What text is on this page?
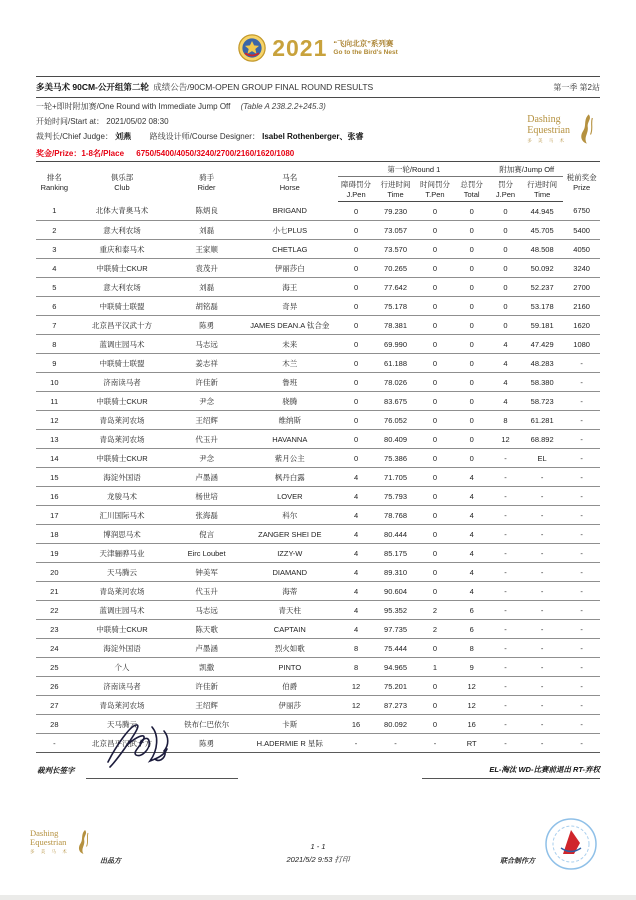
2021 “飞向北京”系列赛
Go to the Bird's Nest
多美马术 90CM-公开组第二轮 成绩公告/90CM-OPEN GROUP FINAL ROUND RESULTS	第一季 第2站
一轮+即时附加赛/One Round with Immediate Jump Off (Table A 238.2.2+245.3)
开始时间/Start at： 2021/05/02 08:30
裁判长/Chief Judge： 刘燕 路线设计师/Course Designer： Isabel Rothenberger、张睿
奖金/Prize：1-8名/Place 6750/5400/4050/3240/2700/2160/1620/1080
Dashing
Equestrian
多 美 马 术
排名
Ranking	俱乐部
Club	骑手
Rider	马名
Horse	第一轮/Round 1				附加赛/Jump Off		税前奖金
Prize

				障碍罚分	行进时间	时间罚分	总罚分	罚分	行进时间	
				J.Pen	Time	T.Pen	Total	J.Pen	Time	
1	北体大青奥马术	陈炳良	BRIGAND	0	79.230	0	0	0	44.945	6750
2	意大利农场	刘磊	小七PLUS	0	73.057	0	0	0	45.705	5400
3	重庆和泰马术	王家顺	CHETLAG	0	73.570	0	0	0	48.508	4050
4	中联骑士CKUR	袁茂升	伊丽莎白	0	70.265	0	0	0	50.092	3240
5	意大利农场	刘磊	海王	0	77.642	0	0	0	52.237	2700
6	中联骑士联盟	胡铭磊	奇异	0	75.178	0	0	0	53.178	2160
7	北京昌平汉武十方	陈勇	JAMES DEAN.A 钛合金	0	78.381	0	0	0	59.181	1620
8	蓝调庄园马术	马志远	未来	0	69.990	0	0	4	47.429	1080
9	中联骑士联盟	姜志祥	木兰	0	61.188	0	0	4	48.283	-
10	济南读马者	许佳新	鲁班	0	78.026	0	0	4	58.380	-
11	中联骑士CKUR	尹念	骁腾	0	83.675	0	0	4	58.723	-
12	青岛莱河农场	王绍辉	维纳斯	0	76.052	0	0	8	61.281	-
13	青岛莱河农场	代玉升	HAVANNA	0	80.409	0	0	12	68.892	-
14	中联骑士CKUR	尹念	紫月公主	0	75.386	0	0	-	EL	-
15	海淀外国语	卢墨涵	枫丹白露	4	71.705	0	4	-	-	-
16	龙骏马术	杨世培	LOVER	4	75.793	0	4	-	-	-
17	汇川国际马术	张海磊	科尔	4	78.768	0	4	-	-	-
18	博润思马术	倪言	ZANGER SHEI DE	4	80.444	0	4	-	-	-
19	天津骊骅马业	Eirc Loubet	IZZY-W	4	85.175	0	4	-	-	-
20	天马腾云	钟美军	DIAMAND	4	89.310	0	4	-	-	-
21	青岛莱河农场	代玉升	海蒂	4	90.604	0	4	-	-	-
22	蓝调庄园马术	马志远	青天柱	4	95.352	2	6	-	-	-
23	中联骑士CKUR	陈天歌	CAPTAIN	4	97.735	2	6	-	-	-
24	海淀外国语	卢墨涵	烈火如歌	8	75.444	0	8	-	-	-
25	个人	凯撒	PINTO	8	94.965	1	9	-	-	-
26	济南读马者	许佳新	伯爵	12	75.201	0	12	-	-	-
27	青岛莱河农场	王绍辉	伊丽莎	12	87.273	0	12	-	-	-
28	天马腾云	铁布仁巴依尔	卡斯	16	80.092	0	16	-	-	-
-	北京昌平汉武十方	陈勇	H.ADERMIE R 星际	-	-	-	RT	-	-	-
裁判长签字	EL-淘汰 WD-比赛前退出 RT-弃权
Dashing
Equestrian
多 美 马 术
出品方
1 - 1
2021/5/2 9:53 打印	联合制作方
